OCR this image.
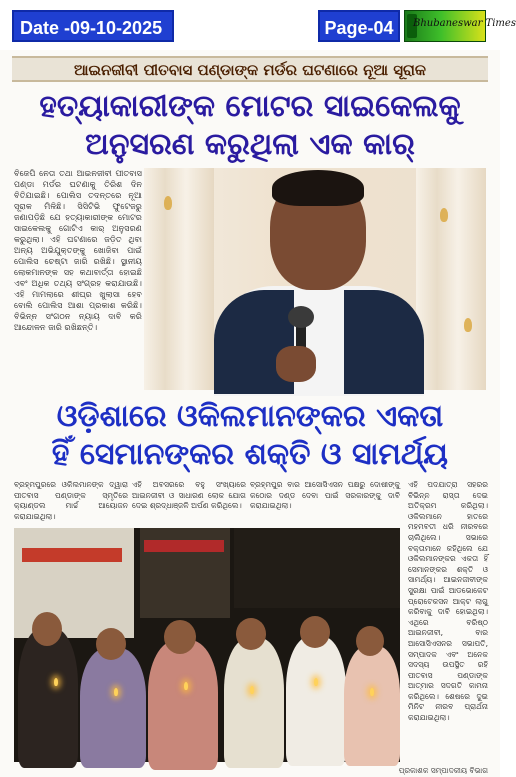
Date -09-10-2025	Page-04	Bhubaneswar Times
ଆଇନଜୀବୀ ପୀତବାସ ପଣ୍ଡାଙ୍କ ମର୍ଡର ଘଟଣାରେ ନୂଆ ସୂରାକ
ହତ୍ୟାକାରୀଙ୍କ ମୋଟର ସାଇକେଲକୁ
ଅନୁସରଣ କରୁଥିଲା ଏକ କାର୍
ବିଜେପି ନେତା ତଥା ଆଇନଜୀବୀ ପୀତବାସ ପଣ୍ଡା ମର୍ଡର ଘଟଣାକୁ ତିରିଶ ଦିନ ବିତିଯାଇଛି। ପୋଲିସ ତଦନ୍ତରେ ନୂଆ ସୂରାକ ମିଳିଛି। ସିସିଟିଭି ଫୁଟେଜରୁ ଜଣାପଡ଼ିଛି ଯେ ହତ୍ୟାକାରୀଙ୍କ ମୋଟର ସାଇକେଲକୁ ଗୋଟିଏ କାର୍ ଅନୁସରଣ କରୁଥିଲା। ଏହି ଘଟଣାରେ ଜଡ଼ିତ ଥିବା ଅନ୍ୟ ଅଭିଯୁକ୍ତଙ୍କୁ ଖୋଜିବା ପାଇଁ ପୋଲିସ ଚେଷ୍ଟା ଜାରି ରଖିଛି। ସ୍ଥାନୀୟ ଲୋକମାନଙ୍କ ସହ କଥାବାର୍ତ୍ତା ହୋଇଛି ଏବଂ ଅଧିକ ତଥ୍ୟ ସଂଗ୍ରହ କରାଯାଉଛି। ଏହି ମାମଲାରେ ଶୀଘ୍ର ଖୁଲାସା ହେବ ବୋଲି ପୋଲିସ ଆଶା ପ୍ରକାଶ କରିଛି। ବିଭିନ୍ନ ସଂଗଠନ ନ୍ୟାୟ ଦାବି କରି ଆନ୍ଦୋଳନ ଜାରି ରଖିଛନ୍ତି।
ଓଡ଼ିଶାରେ ଓକିଲମାନଙ୍କର ଏକତା
ହିଁ ସେମାନଙ୍କର ଶକ୍ତି ଓ ସାମର୍ଥ୍ୟ
ବ୍ରହ୍ମପୁରରେ ଓକିଲମାନଙ୍କ ଦ୍ୱାରା ପୀତବାସ ପଣ୍ଡାଙ୍କ ସ୍ମୃତିରେ କ୍ୟାଣ୍ଡଲ ମାର୍ଚ୍ଚ ଆୟୋଜନ କରାଯାଇଥିଲା।
ଏହି ଅବସରରେ ବହୁ ସଂଖ୍ୟାରେ ଆଇନଜୀବୀ ଓ ସାଧାରଣ ଲୋକ ଯୋଗ ଦେଇ ଶ୍ରଦ୍ଧାଞ୍ଜଳି ଅର୍ପଣ କରିଥିଲେ।
ବ୍ରହ୍ମପୁର ବାର ଆସୋସିଏସନ ପକ୍ଷରୁ ଦୋଷୀଙ୍କୁ କଠୋର ଦଣ୍ଡ ଦେବା ପାଇଁ ସରକାରଙ୍କୁ ଦାବି କରାଯାଇଥିଲା।
ଏହି ପଦଯାତ୍ରା ସହରର ବିଭିନ୍ନ ରାସ୍ତା ଦେଇ ଅତିକ୍ରମ କରିଥିଲା। ଓକିଲମାନେ ହାତରେ ମହମବତୀ ଧରି ନୀରବରେ ଚାଲିଥିଲେ। ସଭାରେ ବକ୍ତାମାନେ କହିଥିଲେ ଯେ ଓକିଲମାନଙ୍କର ଏକତା ହିଁ ସେମାନଙ୍କର ଶକ୍ତି ଓ ସାମର୍ଥ୍ୟ। ଆଇନଜୀବୀଙ୍କ ସୁରକ୍ଷା ପାଇଁ ଆଡଭୋକେଟ ପ୍ରୋଟେକସନ ଆକ୍ଟ ଲାଗୁ କରିବାକୁ ଦାବି ହୋଇଥିଲା। ଏଥିରେ ବରିଷ୍ଠ ଆଇନଜୀବୀ, ବାର ଆସୋସିଏସନର ସଭାପତି, ସମ୍ପାଦକ ଏବଂ ଅନେକ ସଦସ୍ୟ ଉପସ୍ଥିତ ରହି ପୀତବାସ ପଣ୍ଡାଙ୍କ ଆତ୍ମାର ସଦଗତି କାମନା କରିଥିଲେ। ଶେଷରେ ଦୁଇ ମିନିଟ ନୀରବ ପ୍ରାର୍ଥନା କରାଯାଇଥିଲା।
ପ୍ରକାଶକ ସମ୍ପାଦକୀୟ ବିଭାଗ
